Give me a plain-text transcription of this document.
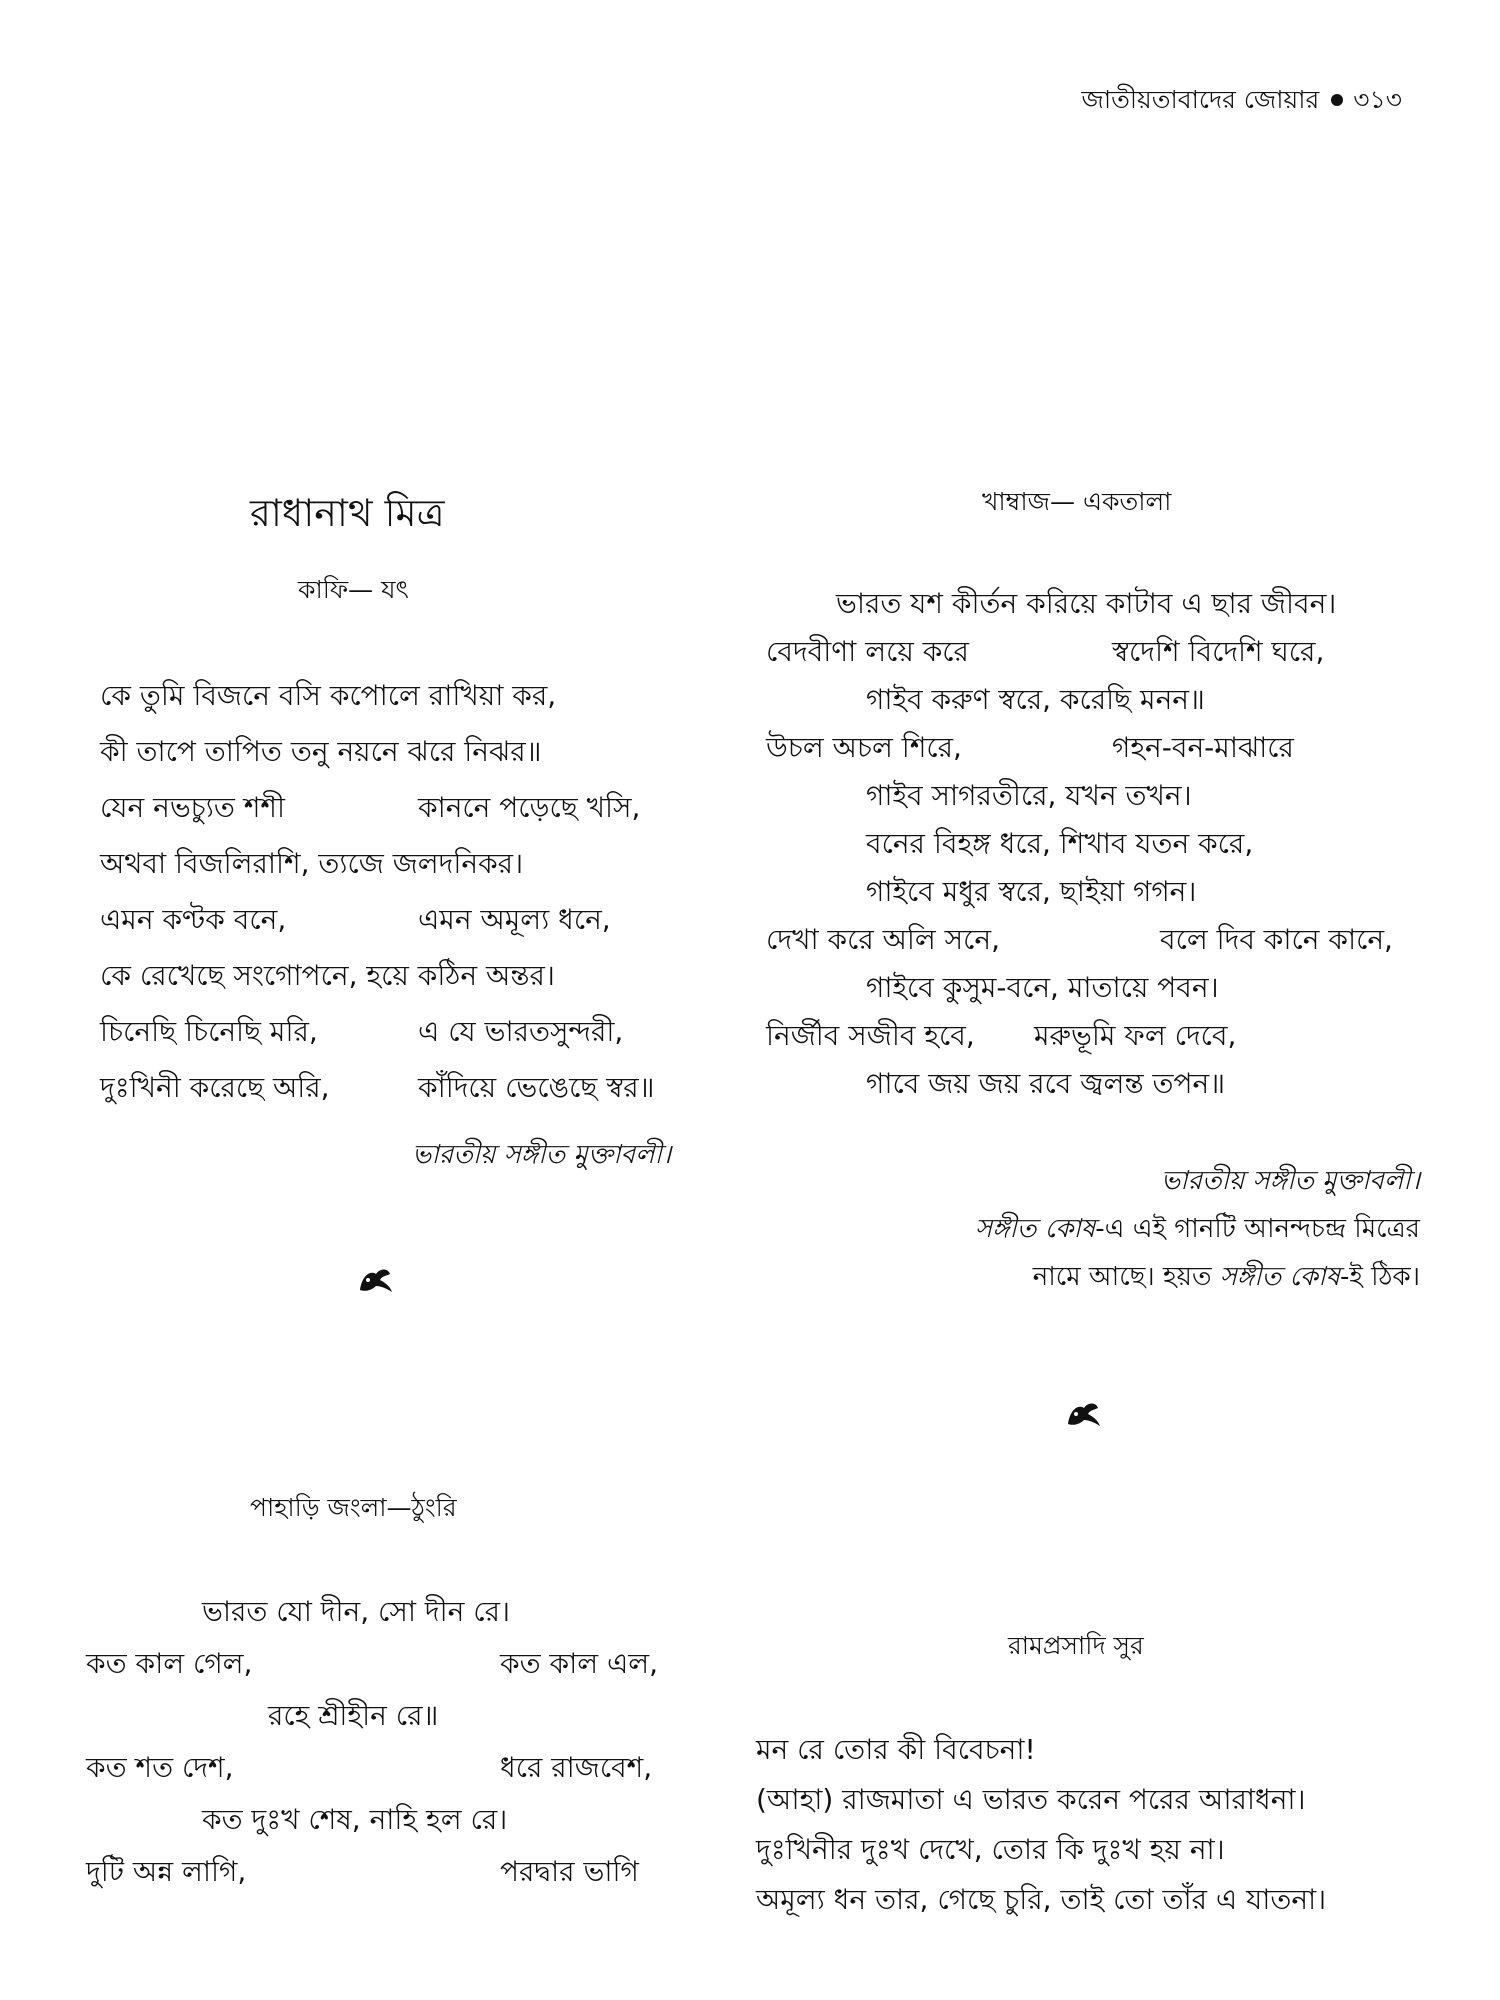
জাতীয়তাবাদের জোয়ার ৩১৩
রাধানাথ মিত্র
কাফি— যৎ
কে তুমি বিজনে বসি কপোলে রাখিয়া কর,
কী তাপে তাপিত তনু নয়নে ঝরে নিঝর॥
যেন নভচ্যুত শশী	কাননে পড়েছে খসি,
অথবা বিজলিরাশি, ত্যজে জলদনিকর।
এমন কণ্টক বনে,	এমন অমূল্য ধনে,
কে রেখেছে সংগোপনে, হয়ে কঠিন অন্তর।
চিনেছি চিনেছি মরি,	এ যে ভারতসুন্দরী,
দুঃখিনী করেছে অরি,	কাঁদিয়ে ভেঙেছে স্বর॥
ভারতীয় সঙ্গীত মুক্তাবলী।
খাম্বাজ— একতালা
ভারত যশ কীর্তন করিয়ে কাটাব এ ছার জীবন।
বেদবীণা লয়ে করে	স্বদেশি বিদেশি ঘরে,
গাইব করুণ স্বরে, করেছি মনন॥
উচল অচল শিরে,	গহন-বন-মাঝারে
গাইব সাগরতীরে, যখন তখন।
বনের বিহঙ্গ ধরে, শিখাব যতন করে,
গাইবে মধুর স্বরে, ছাইয়া গগন।
দেখা করে অলি সনে,	বলে দিব কানে কানে,
গাইবে কুসুম-বনে, মাতায়ে পবন।
নির্জীব সজীব হবে, মরুভূমি ফল দেবে,
গাবে জয় জয় রবে জ্বলন্ত তপন॥
ভারতীয় সঙ্গীত মুক্তাবলী।
সঙ্গীত কোষ-এ এই গানটি আনন্দচন্দ্র মিত্রের
নামে আছে। হয়ত সঙ্গীত কোষ-ই ঠিক।
পাহাড়ি জংলা—ঠুংরি
ভারত যো দীন, সো দীন রে।
কত কাল গেল,	কত কাল এল,
রহে শ্রীহীন রে॥
কত শত দেশ,	ধরে রাজবেশ,
কত দুঃখ শেষ, নাহি হল রে।
দুটি অন্ন লাগি,	পরদ্বার ভাগি
রামপ্রসাদি সুর
মন রে তোর কী বিবেচনা!
(আহা) রাজমাতা এ ভারত করেন পরের আরাধনা।
দুঃখিনীর দুঃখ দেখে, তোর কি দুঃখ হয় না।
অমূল্য ধন তার, গেছে চুরি, তাই তো তাঁর এ যাতনা।
